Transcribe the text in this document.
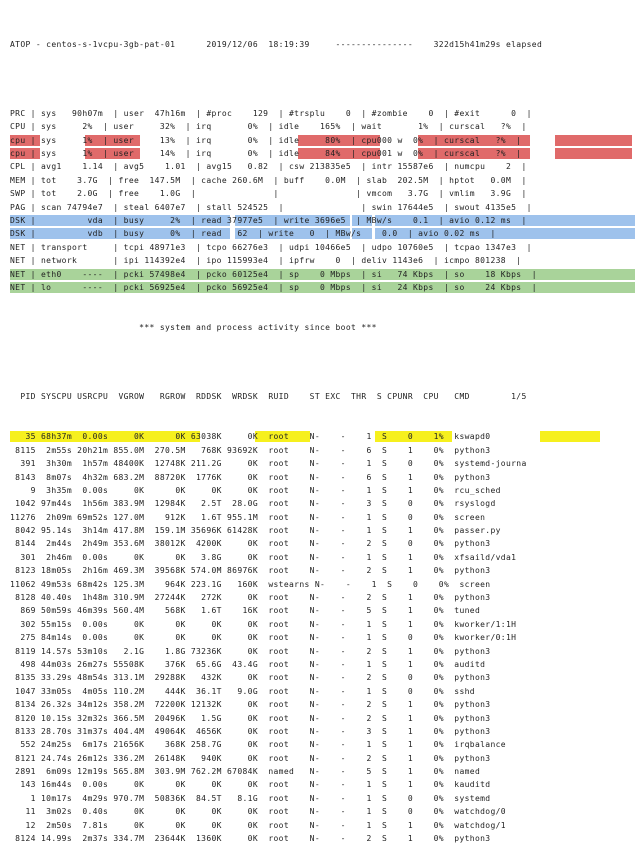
ATOP - centos-s-1vcpu-3gb-pat-01      2019/12/06  18:19:39     ---------------    322d15h41m29s elapsed

PRC | sys   90h07m  | user  47h16m  | #proc    129  | #trsplu    0  | #zombie    0  | #exit      0  |
CPU | sys     2%  | user     32%  | irq       0%  | idle    165%  | wait       1%  | curscal   ?%  |
cpu | sys     1%  | user     13%  | irq       0%  | idle     80%  | cpu000 w  0%  | curscal   ?%  |
cpu | sys     1%  | user     14%  | irq       0%  | idle     84%  | cpu001 w  0%  | curscal   ?%  |
CPL | avg1    1.14  | avg5    1.01  | avg15   0.82  | csw 213835e5  | intr 15587e6  | numcpu    2  |
MEM | tot    3.7G  | free  147.5M  | cache 260.6M  | buff    0.0M  | slab  202.5M  | hptot   0.0M  |
SWP | tot    2.0G  | free    1.0G  |               |               | vmcom   3.7G  | vmlim   3.9G  |
PAG | scan 74794e7  | steal 6407e7  | stall 524525  |               | swin 17644e5  | swout 4135e5  |
DSK |          vda  | busy     2%  | read 37977e5  | write 3696e5  | MBw/s    0.1  | avio 0.12 ms  |
DSK |          vdb  | busy     0%  | read   62  | write   0  | MBw/s    0.0  | avio 0.02 ms  |
NET | transport     | tcpi 48971e3  | tcpo 66276e3  | udpi 10466e5  | udpo 10760e5  | tcpao 1347e3  |
NET | network       | ipi 114392e4  | ipo 115993e4  | ipfrw    0  | deliv 1143e6  | icmpo 801238  |
NET | eth0    ----  | pcki 57498e4  | pcko 60125e4  | sp    0 Mbps  | si   74 Kbps  | so    18 Kbps  |
NET | lo      ----  | pcki 56925e4  | pcko 56925e4  | sp    0 Mbps  | si   24 Kbps  | so    24 Kbps  |

*** system and process activity since boot ***

PID SYSCPU USRCPU  VGROW   RGROW  RDDSK  WRDSK  RUID    ST EXC  THR  S CPUNR  CPU   CMD        1/5

35 68h37m  0.00s     0K      0K 63038K     0K  root    N-    -    1  S    0    1%  kswapd0
8115  2m55s 20h21m 855.0M  270.5M   768K 93692K  root    N-    -    6  S    1    0%  python3
391  3h30m  1h57m 48400K  12748K 211.2G     0K  root    N-    -    1  S    0    0%  systemd-journa
8143  8m07s  4h32m 683.2M  88720K  1776K     0K  root    N-    -    6  S    1    0%  python3
9  3h35m  0.00s     0K      0K     0K     0K  root    N-    -    1  S    1    0%  rcu_sched
1042 97m44s  1h56m 383.9M  12984K   2.5T  28.0G  root    N-    -    3  S    0    0%  rsyslogd
11276  2h09m 69m52s 127.0M    912K   1.6T 955.1M  root    N-    -    1  S    0    0%  screen
8042 95.14s  3h14m 417.8M  159.1M 35696K 61428K  root    N-    -    1  S    1    0%  passer.py
8144  2m44s  2h49m 353.6M  38012K  4200K     0K  root    N-    -    2  S    0    0%  python3
301  2h46m  0.00s     0K      0K   3.8G     0K  root    N-    -    1  S    1    0%  xfsaild/vda1
8123 18m05s  2h16m 469.3M  39568K 574.0M 86976K  root    N-    -    2  S    1    0%  python3
11062 49m53s 68m42s 125.3M    964K 223.1G   160K  wstearns N-    -    1  S    0    0%  screen
8128 40.40s  1h48m 310.9M  27244K   272K     0K  root    N-    -    2  S    1    0%  python3
869 50m59s 46m39s 560.4M    568K   1.6T    16K  root    N-    -    5  S    1    0%  tuned
302 55m15s  0.00s     0K      0K     0K     0K  root    N-    -    1  S    1    0%  kworker/1:1H
275 84m14s  0.00s     0K      0K     0K     0K  root    N-    -    1  S    0    0%  kworker/0:1H
8119 14.57s 53m10s   2.1G    1.8G 73236K     0K  root    N-    -    2  S    1    0%  python3
498 44m03s 26m27s 55508K    376K  65.6G  43.4G  root    N-    -    1  S    1    0%  auditd
8135 33.29s 48m54s 313.1M  29288K   432K     0K  root    N-    -    2  S    0    0%  python3
1047 33m05s  4m05s 110.2M    444K  36.1T   9.0G  root    N-    -    1  S    0    0%  sshd
8134 26.32s 34m12s 358.2M  72200K 12132K     0K  root    N-    -    2  S    1    0%  python3
8120 10.15s 32m32s 366.5M  20496K   1.5G     0K  root    N-    -    2  S    1    0%  python3
8133 28.70s 31m37s 404.4M  49064K  4656K     0K  root    N-    -    3  S    1    0%  python3
552 24m25s  6m17s 21656K    368K 258.7G     0K  root    N-    -    1  S    1    0%  irqbalance
8121 24.74s 26m12s 336.2M  26148K   940K     0K  root    N-    -    2  S    1    0%  python3
2891  6m09s 12m19s 565.8M  303.9M 762.2M 67084K  named   N-    -    5  S    1    0%  named
143 16m44s  0.00s     0K      0K     0K     0K  root    N-    -    1  S    1    0%  kauditd
1 10m17s  4m29s 970.7M  50836K  84.5T   8.1G  root    N-    -    1  S    0    0%  systemd
11  3m02s  0.40s     0K      0K     0K     0K  root    N-    -    1  S    0    0%  watchdog/0
12  2m50s  7.81s     0K      0K     0K     0K  root    N-    -    1  S    1    0%  watchdog/1
8124 14.99s  2m37s 334.7M  23644K  1360K     0K  root    N-    -    2  S    1    0%  python3
